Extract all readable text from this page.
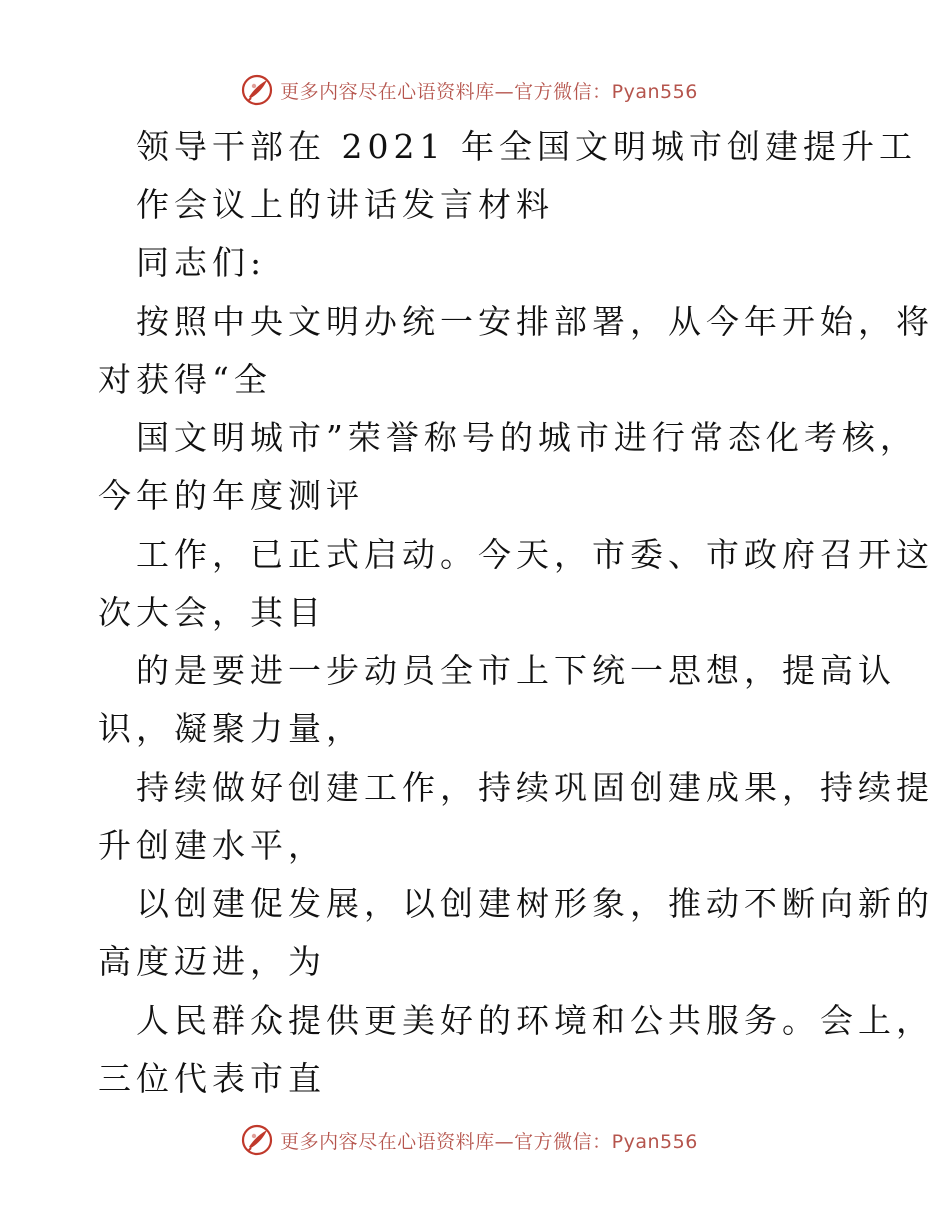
更多内容尽在心语资料库—官方微信：Pyan556
领导干部在 2021 年全国文明城市创建提升工
作会议上的讲话发言材料
同志们:
按照中央文明办统一安排部署，从今年开始，将
对获得“全
国文明城市”荣誉称号的城市进行常态化考核，
今年的年度测评
工作，已正式启动。今天，市委、市政府召开这
次大会，其目
的是要进一步动员全市上下统一思想，提高认
识，凝聚力量，
持续做好创建工作，持续巩固创建成果，持续提
升创建水平，
以创建促发展，以创建树形象，推动不断向新的
高度迈进，为
人民群众提供更美好的环境和公共服务。会上，
三位代表市直
更多内容尽在心语资料库—官方微信：Pyan556
